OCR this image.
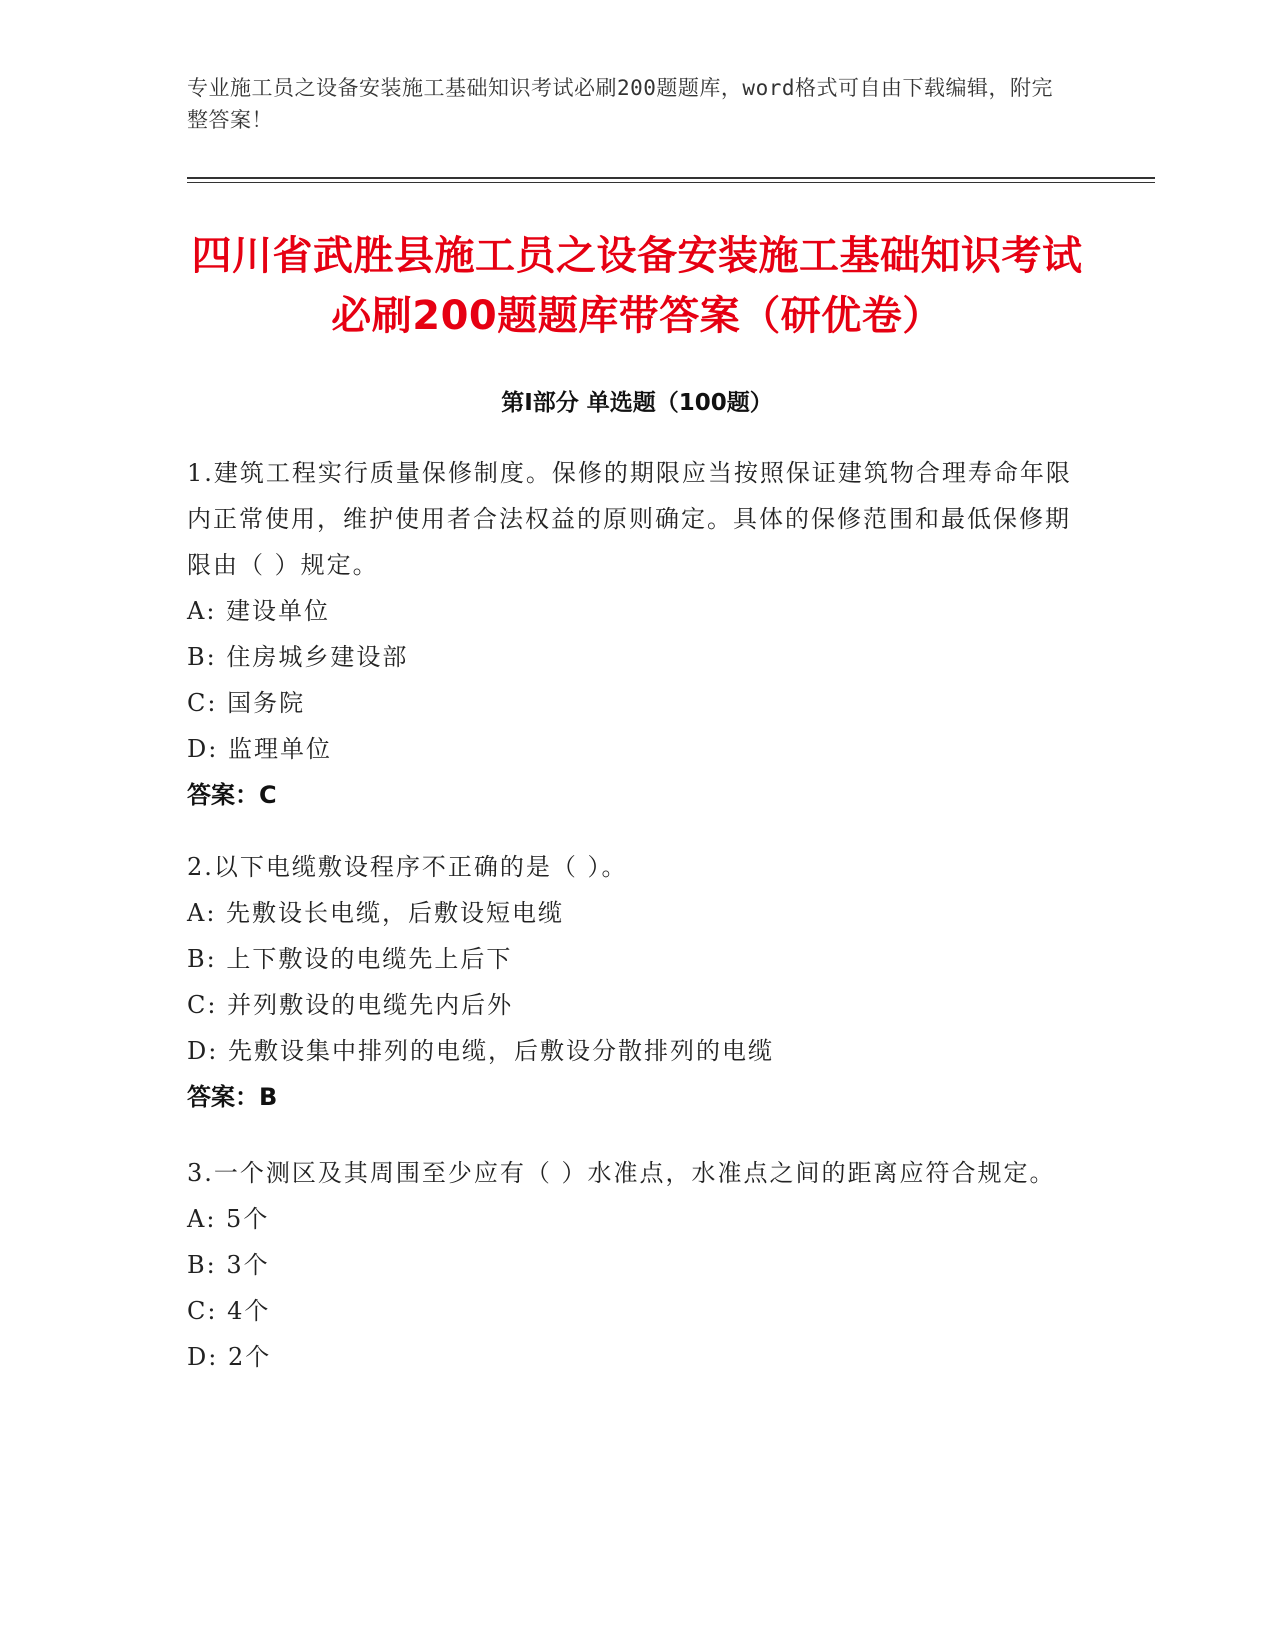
专业施工员之设备安装施工基础知识考试必刷200题题库，word格式可自由下载编辑，附完整答案！
四川省武胜县施工员之设备安装施工基础知识考试必刷200题题库带答案（研优卷）
第Ⅰ部分 单选题（100题）
1.建筑工程实行质量保修制度。保修的期限应当按照保证建筑物合理寿命年限内正常使用，维护使用者合法权益的原则确定。具体的保修范围和最低保修期限由（ ）规定。
A: 建设单位
B: 住房城乡建设部
C: 国务院
D: 监理单位
答案：C
2.以下电缆敷设程序不正确的是（ ）。
A: 先敷设长电缆，后敷设短电缆
B: 上下敷设的电缆先上后下
C: 并列敷设的电缆先内后外
D: 先敷设集中排列的电缆，后敷设分散排列的电缆
答案：B
3.一个测区及其周围至少应有（ ）水准点，水准点之间的距离应符合规定。
A: 5个
B: 3个
C: 4个
D: 2个
